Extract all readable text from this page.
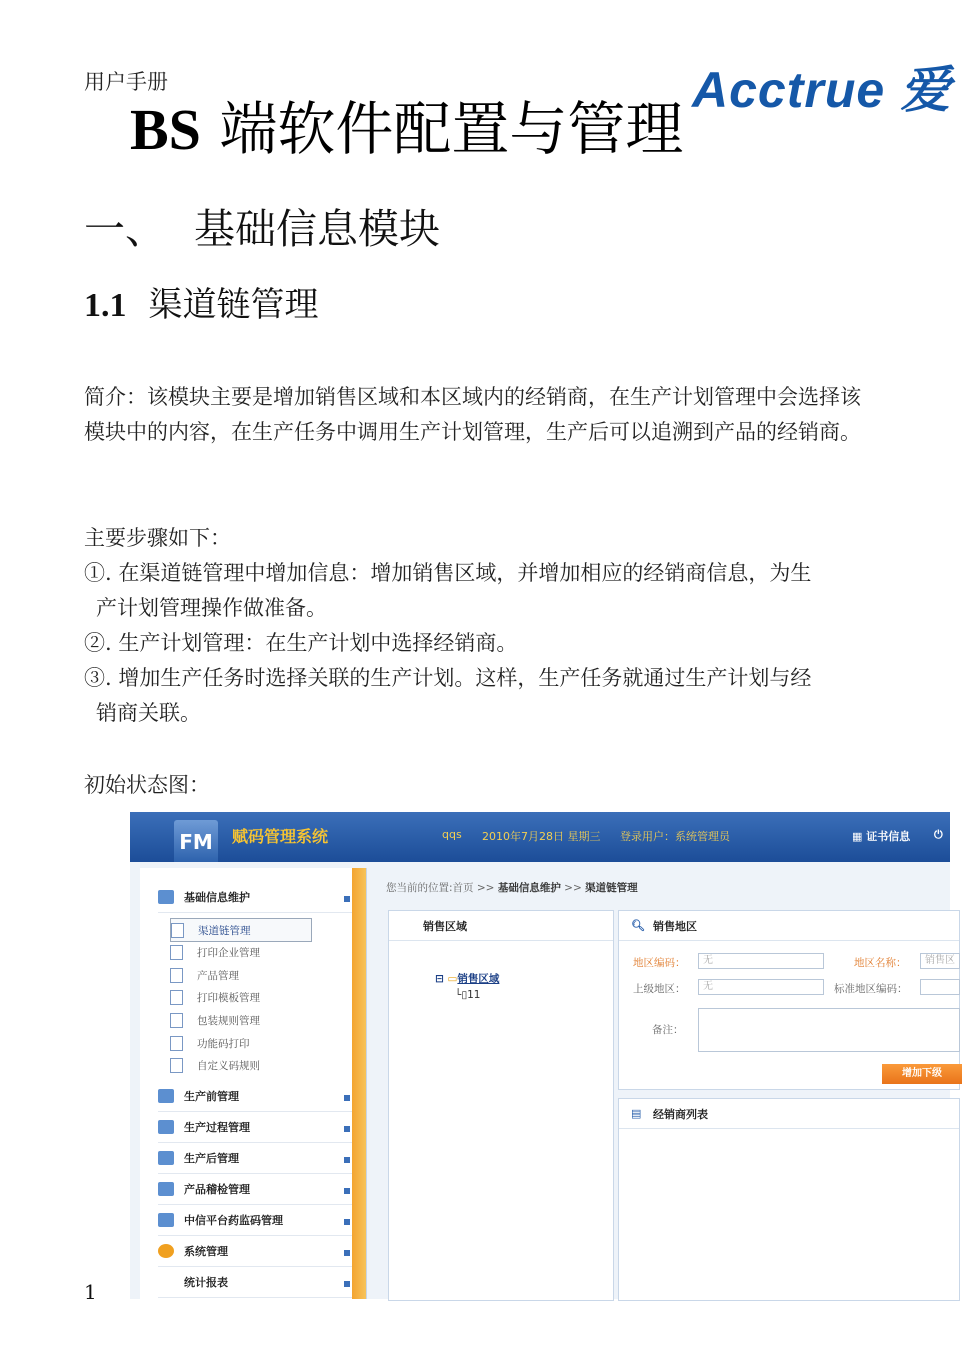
用户手册	Acctrue 爱
BS 端软件配置与管理
一、 基础信息模块
1.1 渠道链管理
简介：该模块主要是增加销售区域和本区域内的经销商，在生产计划管理中会选择该模块中的内容，在生产任务中调用生产计划管理，生产后可以追溯到产品的经销商。
主要步骤如下：
①. 在渠道链管理中增加信息：增加销售区域，并增加相应的经销商信息，为生
产计划管理操作做准备。
②. 生产计划管理：在生产计划中选择经销商。
③. 增加生产任务时选择关联的生产计划。这样，生产任务就通过生产计划与经
销商关联。
初始状态图：
FM	赋码管理系统	qqs 2010年7月28日 星期三 登录用户：系统管理员	▦ 证书信息 ⏻
基础信息维护
渠道链管理
打印企业管理
产品管理
打印模板管理
包装规则管理
功能码打印
自定义码规则
生产前管理
生产过程管理
生产后管理
产品稽检管理
中信平台药监码管理
系统管理
统计报表
您当前的位置:首页 >> 基础信息维护 >> 渠道链管理
销售区域
⊟ ▭销售区域
└▯11
🔍︎ 销售地区
地区编码：	无	地区名称：	销售区
上级地区：	无	标准地区编码：
备注：
增加下级
▤ 经销商列表
1
